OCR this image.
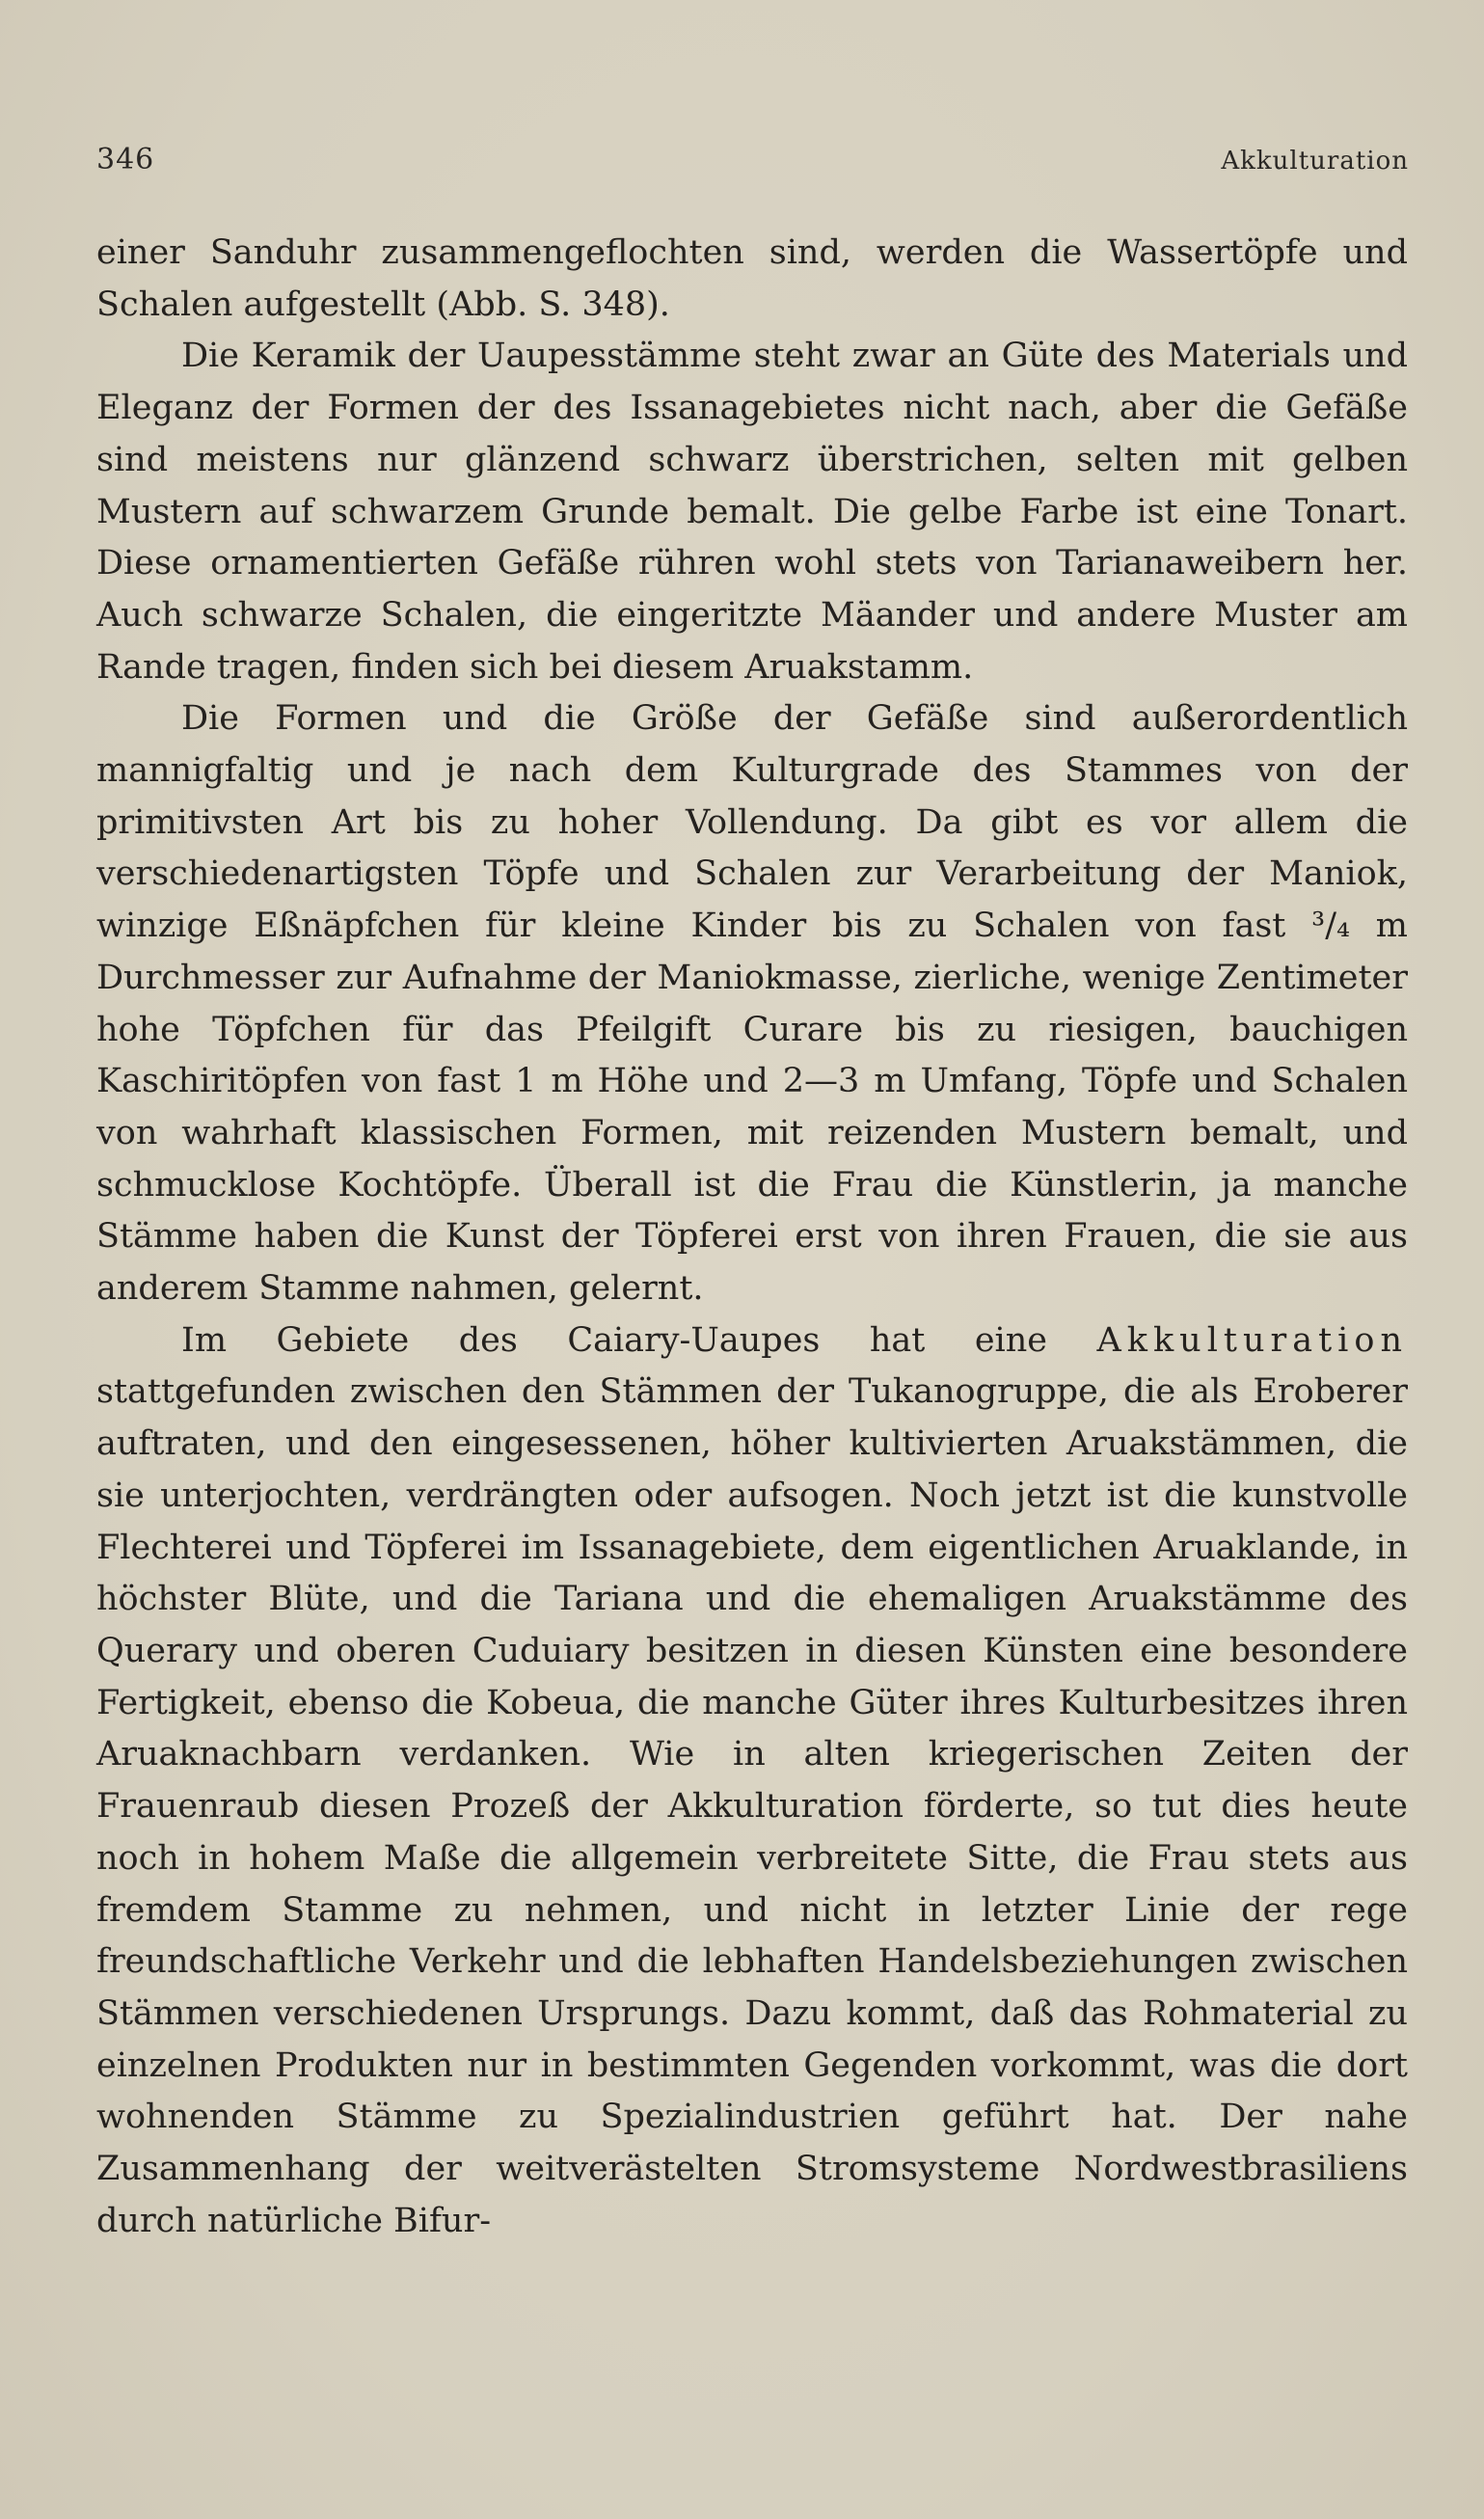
346	Akkulturation

einer Sanduhr zusammengeflochten sind, werden die Wassertöpfe und Schalen aufgestellt (Abb. S. 348).

Die Keramik der Uaupesstämme steht zwar an Güte des Materials und Eleganz der Formen der des Issanagebietes nicht nach, aber die Gefäße sind meistens nur glänzend schwarz überstrichen, selten mit gelben Mustern auf schwarzem Grunde bemalt. Die gelbe Farbe ist eine Tonart. Diese ornamentierten Gefäße rühren wohl stets von Tarianaweibern her. Auch schwarze Schalen, die eingeritzte Mäander und andere Muster am Rande tragen, finden sich bei diesem Aruakstamm.

Die Formen und die Größe der Gefäße sind außerordentlich mannigfaltig und je nach dem Kulturgrade des Stammes von der primitivsten Art bis zu hoher Vollendung. Da gibt es vor allem die verschiedenartigsten Töpfe und Schalen zur Verarbeitung der Maniok, winzige Eßnäpfchen für kleine Kinder bis zu Schalen von fast ³/₄ m Durchmesser zur Aufnahme der Maniokmasse, zierliche, wenige Zentimeter hohe Töpfchen für das Pfeilgift Curare bis zu riesigen, bauchigen Kaschiritöpfen von fast 1 m Höhe und 2—3 m Umfang, Töpfe und Schalen von wahrhaft klassischen Formen, mit reizenden Mustern bemalt, und schmucklose Kochtöpfe. Überall ist die Frau die Künstlerin, ja manche Stämme haben die Kunst der Töpferei erst von ihren Frauen, die sie aus anderem Stamme nahmen, gelernt.

Im Gebiete des Caiary-Uaupes hat eine Akkulturation stattgefunden zwischen den Stämmen der Tukanogruppe, die als Eroberer auftraten, und den eingesessenen, höher kultivierten Aruakstämmen, die sie unterjochten, verdrängten oder aufsogen. Noch jetzt ist die kunstvolle Flechterei und Töpferei im Issanagebiete, dem eigentlichen Aruaklande, in höchster Blüte, und die Tariana und die ehemaligen Aruakstämme des Querary und oberen Cuduiary besitzen in diesen Künsten eine besondere Fertigkeit, ebenso die Kobeua, die manche Güter ihres Kulturbesitzes ihren Aruaknachbarn verdanken. Wie in alten kriegerischen Zeiten der Frauenraub diesen Prozeß der Akkulturation förderte, so tut dies heute noch in hohem Maße die allgemein verbreitete Sitte, die Frau stets aus fremdem Stamme zu nehmen, und nicht in letzter Linie der rege freundschaftliche Verkehr und die lebhaften Handelsbeziehungen zwischen Stämmen verschiedenen Ursprungs. Dazu kommt, daß das Rohmaterial zu einzelnen Produkten nur in bestimmten Gegenden vorkommt, was die dort wohnenden Stämme zu Spezialindustrien geführt hat. Der nahe Zusammenhang der weitverästelten Stromsysteme Nordwestbrasiliens durch natürliche Bifur-
